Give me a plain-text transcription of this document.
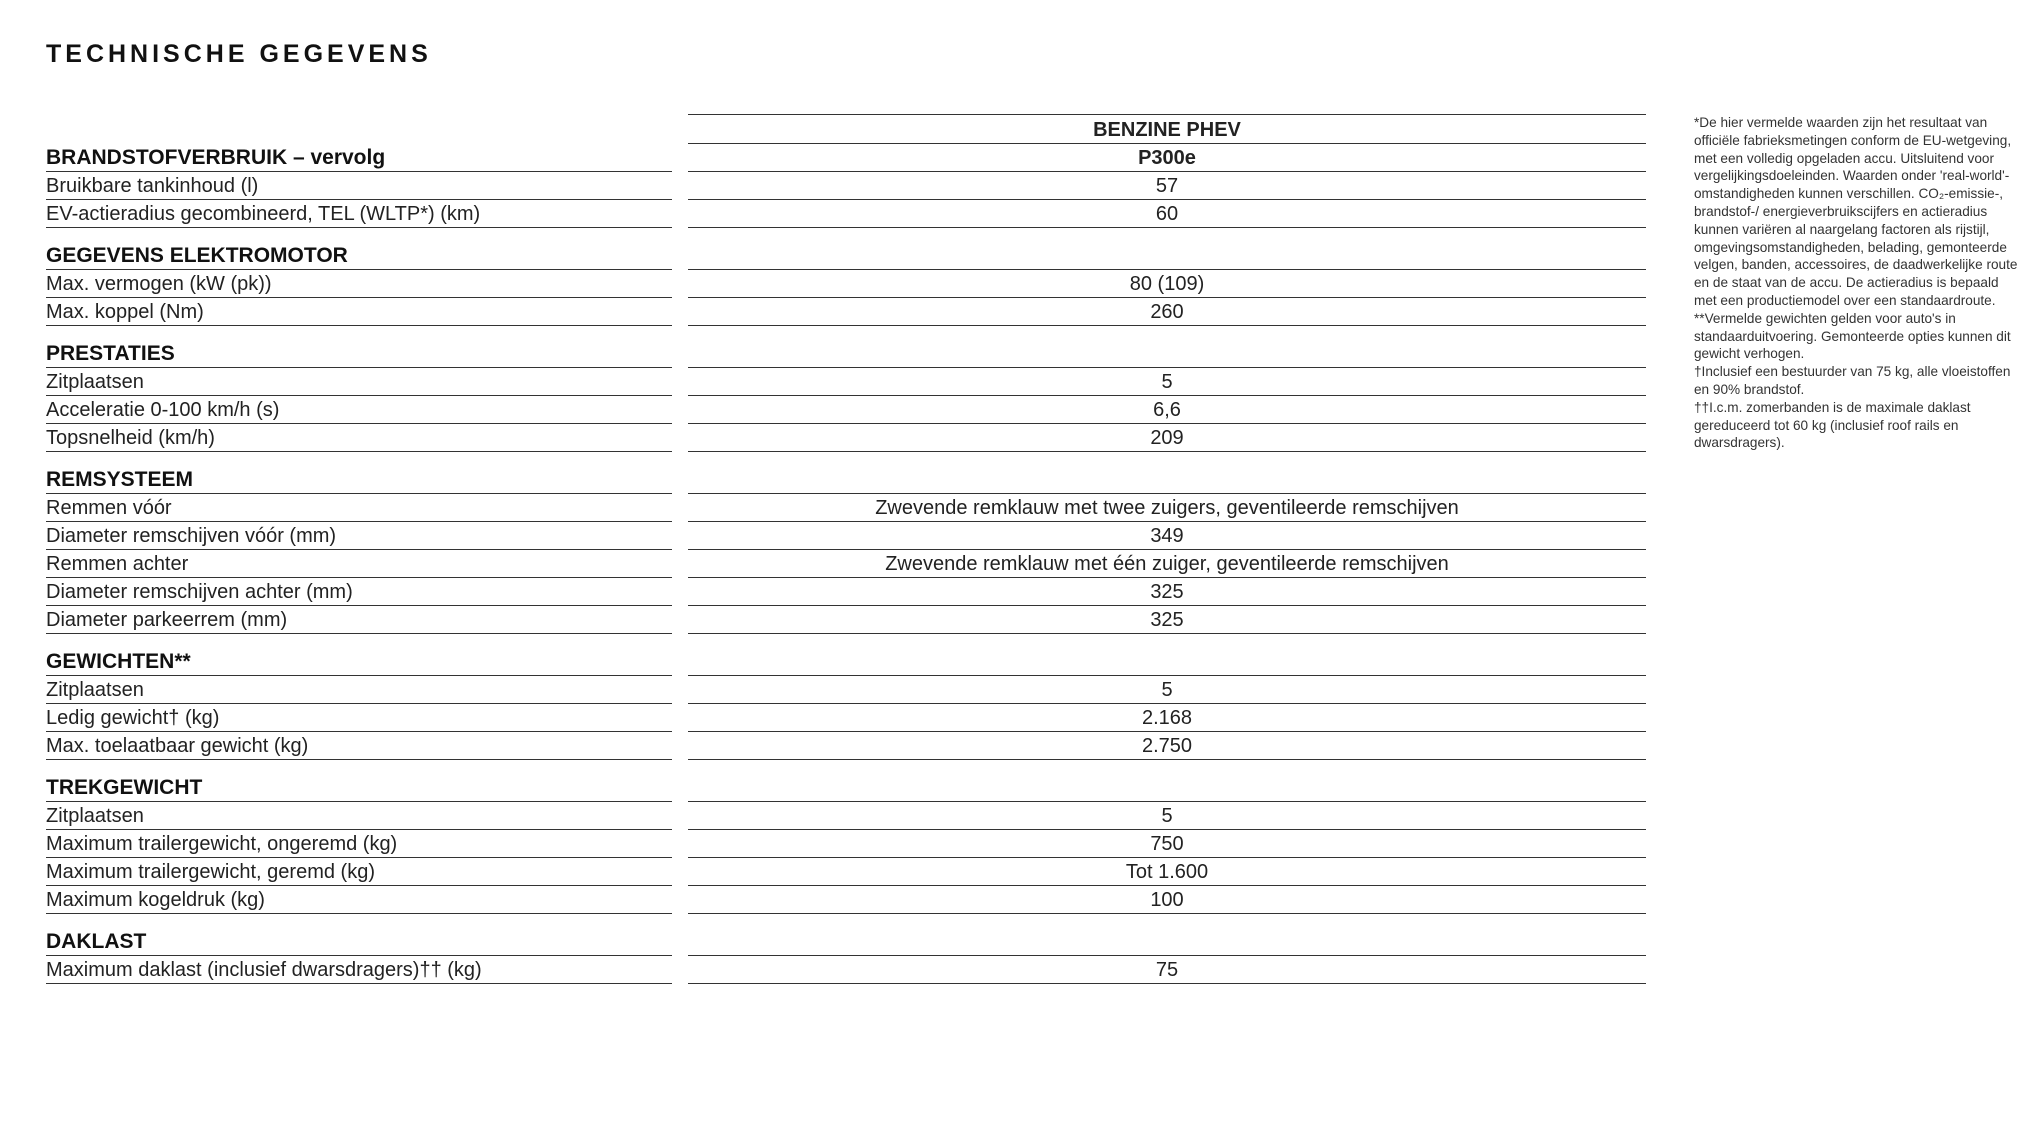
TECHNISCHE GEGEVENS
BENZINE PHEV
BRANDSTOFVERBRUIK – vervolg	P300e
Bruikbare tankinhoud (l)	57
EV-actieradius gecombineerd, TEL (WLTP*) (km)	60
GEGEVENS ELEKTROMOTOR
Max. vermogen (kW (pk))	80 (109)
Max. koppel (Nm)	260
PRESTATIES
Zitplaatsen	5
Acceleratie 0-100 km/h (s)	6,6
Topsnelheid (km/h)	209
REMSYSTEEM
Remmen vóór	Zwevende remklauw met twee zuigers, geventileerde remschijven
Diameter remschijven vóór (mm)	349
Remmen achter	Zwevende remklauw met één zuiger, geventileerde remschijven
Diameter remschijven achter (mm)	325
Diameter parkeerrem (mm)	325
GEWICHTEN**
Zitplaatsen	5
Ledig gewicht† (kg)	2.168
Max. toelaatbaar gewicht (kg)	2.750
TREKGEWICHT
Zitplaatsen	5
Maximum trailergewicht, ongeremd (kg)	750
Maximum trailergewicht, geremd (kg)	Tot 1.600
Maximum kogeldruk (kg)	100
DAKLAST
Maximum daklast (inclusief dwarsdragers)†† (kg)	75

*De hier vermelde waarden zijn het resultaat van officiële fabrieksmetingen conform de EU-wetgeving, met een volledig opgeladen accu. Uitsluitend voor vergelijkingsdoeleinden. Waarden onder 'real-world'-omstandigheden kunnen verschillen. CO₂-emissie-, brandstof-/ energieverbruikscijfers en actieradius kunnen variëren al naargelang factoren als rijstijl, omgevingsomstandigheden, belading, gemonteerde velgen, banden, accessoires, de daadwerkelijke route en de staat van de accu. De actieradius is bepaald met een productiemodel over een standaardroute.

**Vermelde gewichten gelden voor auto's in standaarduitvoering. Gemonteerde opties kunnen dit gewicht verhogen.

†Inclusief een bestuurder van 75 kg, alle vloeistoffen en 90% brandstof.

††I.c.m. zomerbanden is de maximale daklast gereduceerd tot 60 kg (inclusief roof rails en dwarsdragers).
